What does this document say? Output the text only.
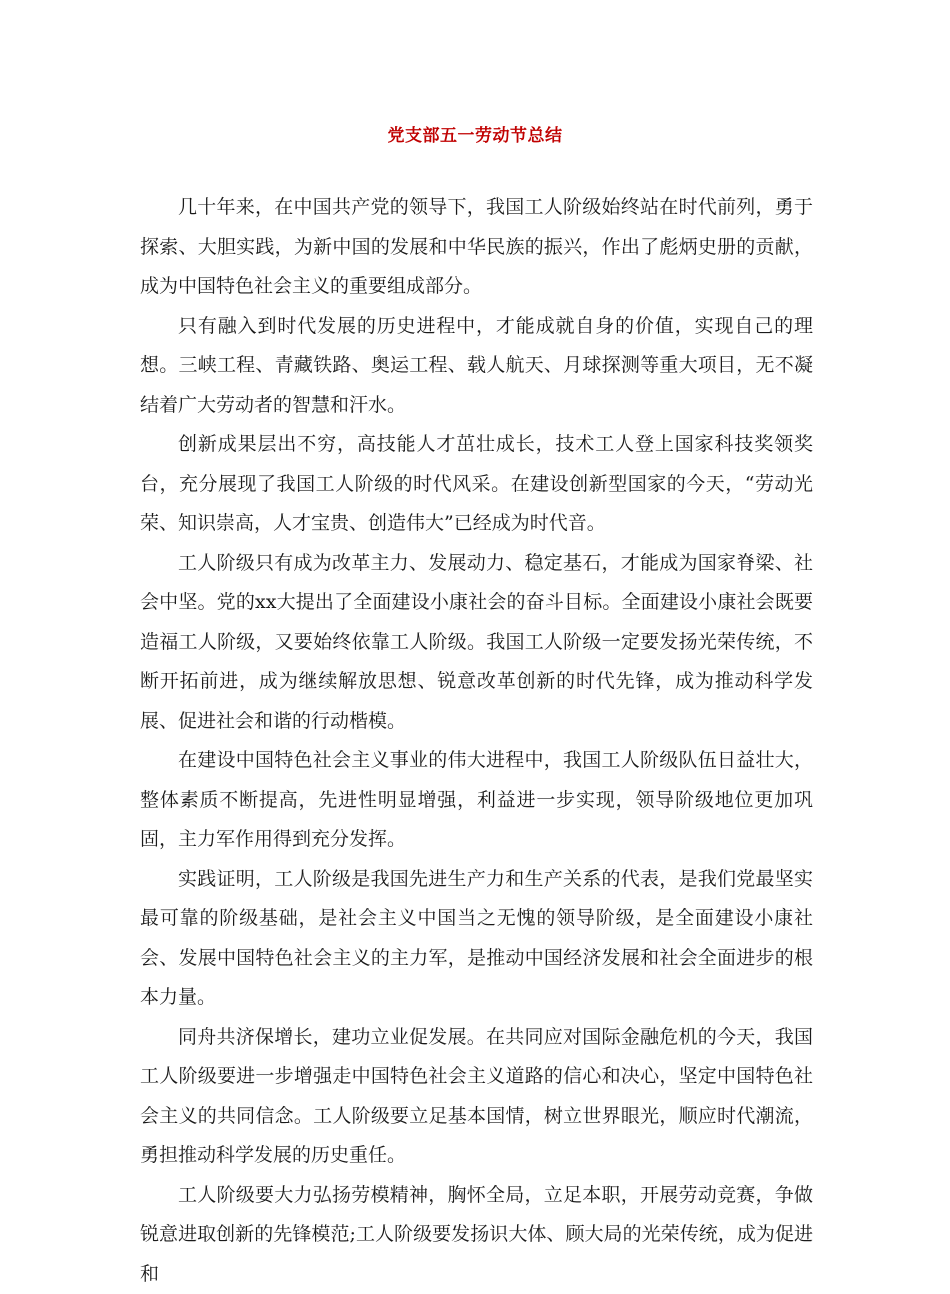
党支部五一劳动节总结

几十年来，在中国共产党的领导下，我国工人阶级始终站在时代前列，勇于探索、大胆实践，为新中国的发展和中华民族的振兴，作出了彪炳史册的贡献，成为中国特色社会主义的重要组成部分。

只有融入到时代发展的历史进程中，才能成就自身的价值，实现自己的理想。三峡工程、青藏铁路、奥运工程、载人航天、月球探测等重大项目，无不凝结着广大劳动者的智慧和汗水。

创新成果层出不穷，高技能人才茁壮成长，技术工人登上国家科技奖领奖台，充分展现了我国工人阶级的时代风采。在建设创新型国家的今天，“劳动光荣、知识崇高，人才宝贵、创造伟大”已经成为时代音。

工人阶级只有成为改革主力、发展动力、稳定基石，才能成为国家脊梁、社会中坚。党的xx大提出了全面建设小康社会的奋斗目标。全面建设小康社会既要造福工人阶级，又要始终依靠工人阶级。我国工人阶级一定要发扬光荣传统，不断开拓前进，成为继续解放思想、锐意改革创新的时代先锋，成为推动科学发展、促进社会和谐的行动楷模。

在建设中国特色社会主义事业的伟大进程中，我国工人阶级队伍日益壮大，整体素质不断提高，先进性明显增强，利益进一步实现，领导阶级地位更加巩固，主力军作用得到充分发挥。

实践证明，工人阶级是我国先进生产力和生产关系的代表，是我们党最坚实最可靠的阶级基础，是社会主义中国当之无愧的领导阶级，是全面建设小康社会、发展中国特色社会主义的主力军，是推动中国经济发展和社会全面进步的根本力量。

同舟共济保增长，建功立业促发展。在共同应对国际金融危机的今天，我国工人阶级要进一步增强走中国特色社会主义道路的信心和决心，坚定中国特色社会主义的共同信念。工人阶级要立足基本国情，树立世界眼光，顺应时代潮流，勇担推动科学发展的历史重任。

工人阶级要大力弘扬劳模精神，胸怀全局，立足本职，开展劳动竞赛，争做锐意进取创新的先锋模范;工人阶级要发扬识大体、顾大局的光荣传统，成为促进和
